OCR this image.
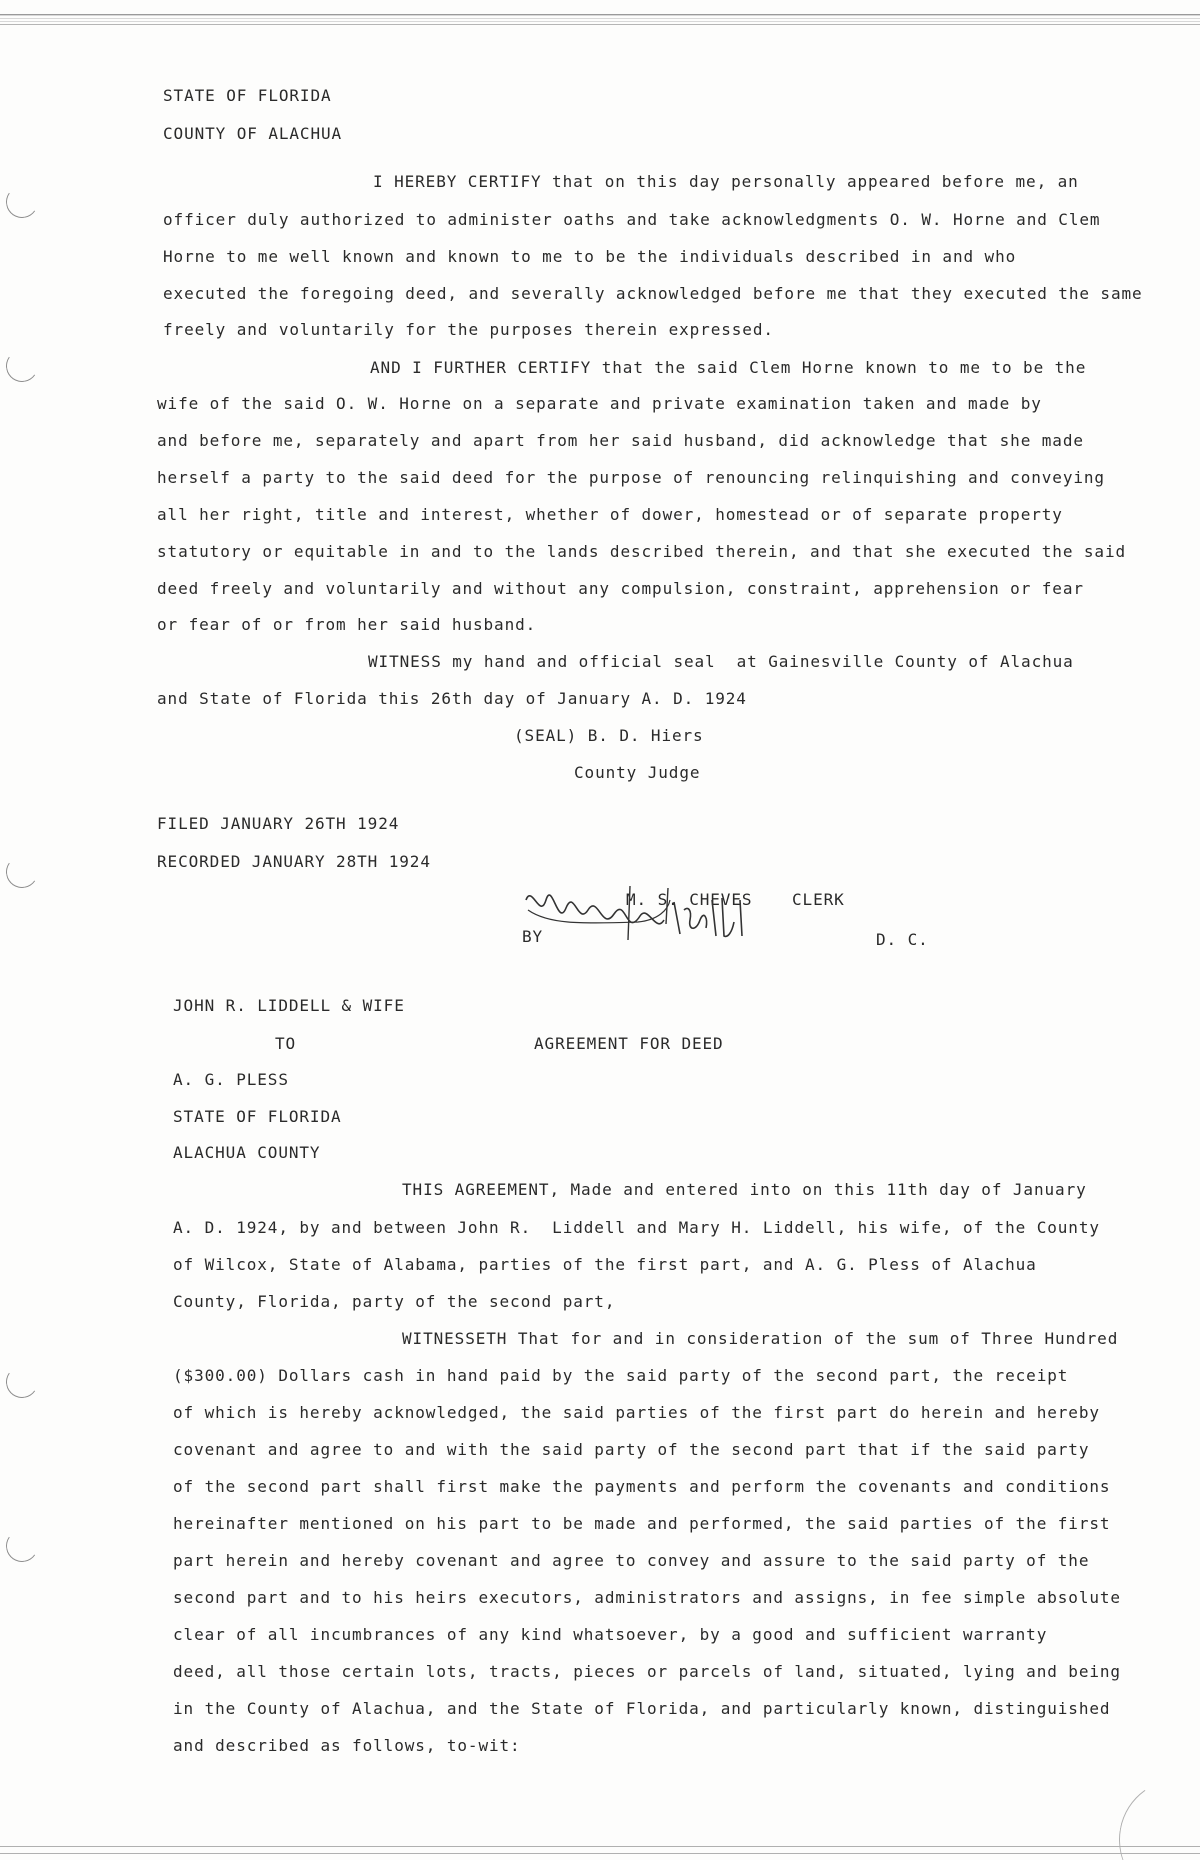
STATE OF FLORIDA
COUNTY OF ALACHUA
I HEREBY CERTIFY that on this day personally appeared before me, an
officer duly authorized to administer oaths and take acknowledgments O. W. Horne and Clem
Horne to me well known and known to me to be the individuals described in and who
executed the foregoing deed, and severally acknowledged before me that they executed the same
freely and voluntarily for the purposes therein expressed.
AND I FURTHER CERTIFY that the said Clem Horne known to me to be the
wife of the said O. W. Horne on a separate and private examination taken and made by
and before me, separately and apart from her said husband, did acknowledge that she made
herself a party to the said deed for the purpose of renouncing relinquishing and conveying
all her right, title and interest, whether of dower, homestead or of separate property
statutory or equitable in and to the lands described therein, and that she executed the said
deed freely and voluntarily and without any compulsion, constraint, apprehension or fear
or fear of or from her said husband.
WITNESS my hand and official seal  at Gainesville County of Alachua
and State of Florida this 26th day of January A. D. 1924
(SEAL) B. D. Hiers
County Judge
FILED JANUARY 26TH 1924
RECORDED JANUARY 28TH 1924
M. S. CHEVES CLERK
BY	D. C.
JOHN R. LIDDELL & WIFE
TO	AGREEMENT FOR DEED
A. G. PLESS
STATE OF FLORIDA
ALACHUA COUNTY
THIS AGREEMENT, Made and entered into on this 11th day of January
A. D. 1924, by and between John R.  Liddell and Mary H. Liddell, his wife, of the County
of Wilcox, State of Alabama, parties of the first part, and A. G. Pless of Alachua
County, Florida, party of the second part,
WITNESSETH That for and in consideration of the sum of Three Hundred
($300.00) Dollars cash in hand paid by the said party of the second part, the receipt
of which is hereby acknowledged, the said parties of the first part do herein and hereby
covenant and agree to and with the said party of the second part that if the said party
of the second part shall first make the payments and perform the covenants and conditions
hereinafter mentioned on his part to be made and performed, the said parties of the first
part herein and hereby covenant and agree to convey and assure to the said party of the
second part and to his heirs executors, administrators and assigns, in fee simple absolute
clear of all incumbrances of any kind whatsoever, by a good and sufficient warranty
deed, all those certain lots, tracts, pieces or parcels of land, situated, lying and being
in the County of Alachua, and the State of Florida, and particularly known, distinguished
and described as follows, to-wit:
